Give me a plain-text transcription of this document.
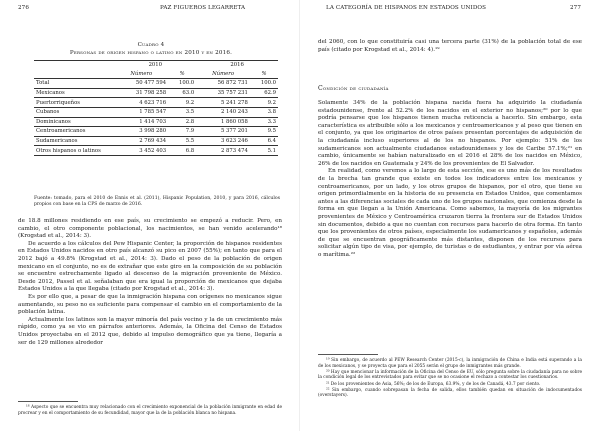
276	PAZ FIGUEROS LEGARRETA
Cuadro 4
Personas de origen hispano o latino en 2010 y en 2016.
	2010		2016	
	Número	%	Número	%
Total	50 477 594	100.0	56 872 731	100.0
Mexicanos	31 798 258	63.0	35 757 231	62.9
Puertorriqueños	4 623 716	9.2	5 241 278	9.2
Cubanos	1 785 547	3.5	2 140 243	3.8
Dominicanos	1 414 703	2.8	1 860 058	3.3
Centroamericanos	3 998 280	7.9	5 377 201	9.5
Sudamericanos	2 769 434	5.5	3 623 246	6.4
Otros hispanos o latinos	3 452 403	6.8	2 873 474	5.1
Fuente: tomado, para el 2010 de Ennis et al. (2011), Hispanic Population, 2010, y para 2016, cálculos propios con base en la CPS de marzo de 2016.

de 18.8 millones residiendo en ese país, su crecimiento se empezó a reducir. Pero, en cambio, el otro componente poblacional, los nacimientos, se han venido acelerando¹⁸ (Krogstad et al., 2014: 3).

De acuerdo a los cálculos del Pew Hispanic Center, la proporción de hispanos residentes en Estados Unidos nacidos en otro país alcanzó su pico en 2007 (55%); en tanto que para el 2012 bajó a 49.8% (Krogstad et al., 2014: 3). Dado el peso de la población de origen mexicano en el conjunto, no es de extrañar que este giro en la composición de su población se encuentre estrechamente ligado al descenso de la migración proveniente de México. Desde 2012, Passel et al. señalaban que era igual la proporción de mexicanos que dejaba Estados Unidos a la que llegaba (citado por Krogstad et al., 2014: 3).

Es por ello que, a pesar de que la inmigración hispana con orígenes no mexicanos sigue aumentando, su peso no es suficiente para compensar el cambio en el comportamiento de la población latina.

Actualmente los latinos son la mayor minoría del país vecino y la de un crecimiento más rápido, como ya se vio en párrafos anteriores. Además, la Oficina del Censo de Estados Unidos proyectaba en el 2012 que, debido al impulso demográfico que ya tiene, llegaría a ser de 129 millones alrededor

¹⁸ Aspecto que se encuentra muy relacionado con el crecimiento exponencial de la población inmigrante en edad de procrear y en el comportamiento de su fecundidad, mayor que la de la población blanca no hispana.

LA CATEGORÍA DE HISPANOS EN ESTADOS UNIDOS	277

del 2060, con lo que constituiría casi una tercera parte (31%) de la población total de ese país (citado por Krogstad et al., 2014: 4).¹⁹

Condición de ciudadanía

Solamente 34% de la población hispana nacida fuera ha adquirido la ciudadanía estadounidense, frente al 52.2% de los nacidos en el exterior no hispanos;²⁰ por lo que podría pensarse que los hispanos tienen mucha reticencia a hacerlo. Sin embargo, esta característica es atribuible sólo a los mexicanos y centroamericanos y al peso que tienen en el conjunto, ya que los originarios de otros países presentan porcentajes de adquisición de la ciudadanía incluso superiores al de los no hispanos. Por ejemplo: 51% de los sudamericanos son actualmente ciudadanos estadounidenses y los de Caribe 57.1%;²¹ en cambio, únicamente se habían naturalizado en el 2016 el 28% de los nacidos en México, 26% de los nacidos en Guatemala y 24% de los provenientes de El Salvador.

En realidad, como veremos a lo largo de esta sección, ese es uno más de los resultados de la brecha tan grande que existe en todos los indicadores entre los mexicanos y centroamericanos, por un lado, y los otros grupos de hispanos, por el otro, que tiene su origen primordialmente en la historia de su presencia en Estados Unidos, que comentamos antes a las diferencias sociales de cada uno de los grupos nacionales, que comienza desde la forma en que llegan a la Unión Americana. Como sabemos, la mayoría de los migrantes provenientes de México y Centroamérica cruzaron tierra la frontera sur de Estados Unidos sin documentos, debido a que no cuentan con recursos para hacerlo de otra forma. En tanto que los provenientes de otros países, especialmente los sudamericanos y españoles, además de que se encuentran geográficamente más distantes, disponen de los recursos para solicitar algún tipo de visa, por ejemplo, de turistas o de estudiantes, y entrar por vía aérea o marítima.²²

¹⁹ Sin embargo, de acuerdo al PEW Research Center (2015-c), la inmigración de China e India está superando a la de los mexicanos, y se proyecta que para el 2055 serán el grupo de inmigrantes más grande.

²⁰ Hay que mencionar la información de la Oficina del Censo de EU, sólo pregunta sobre la ciudadanía para no sobre la condición legal de los entrevistados para evitar que se no ocasione el rechazo a contestar los cuestionarios.

²¹ De los provenientes de Asia, 56%; de los de Europa, 63.9%, y de los de Canadá, 43.7 por ciento.

²² Sin embargo, cuando sobrepasan la fecha de salida, ellos también quedan en situación de indocumentados (overstayers).
